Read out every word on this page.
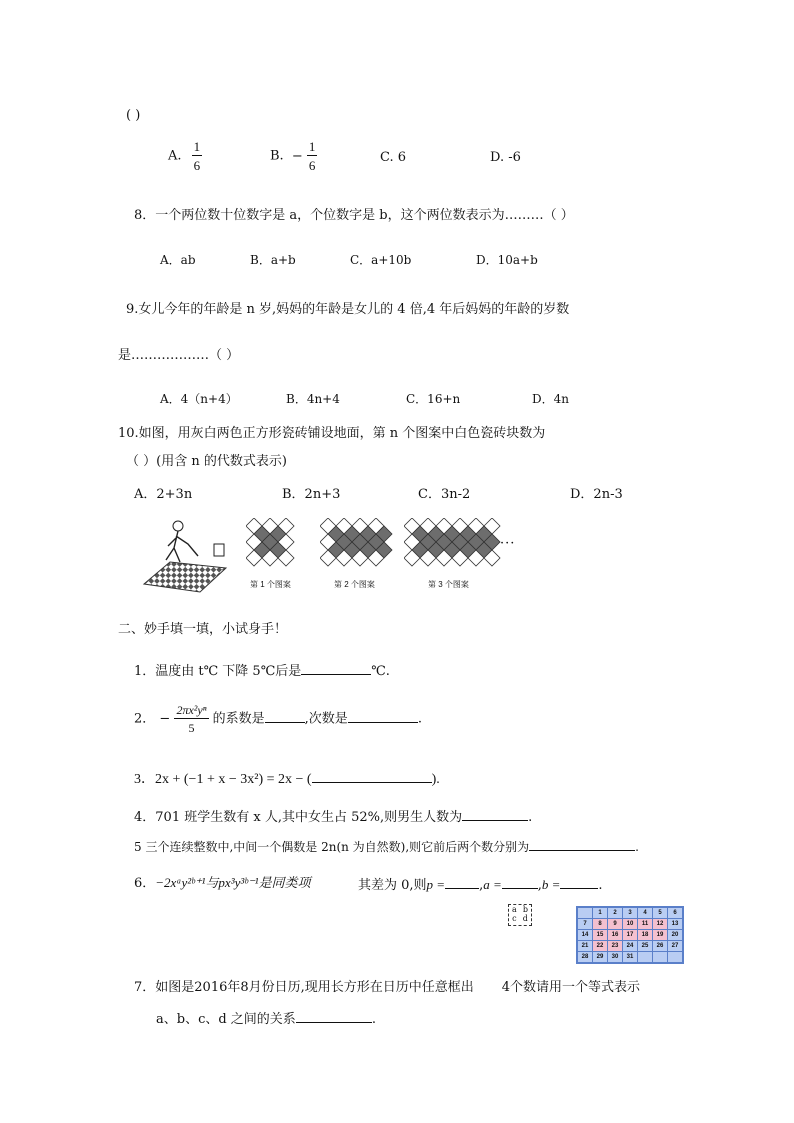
( )
A. $\frac{1}{6}$	B. − $\frac{1}{6}$	C. 6	D. -6
8．一个两位数十位数字是 a，个位数字是 b，这个两位数表示为………（ ）
A．ab	B．a+b	C．a+10b	D．10a+b
9.女儿今年的年龄是 n 岁,妈妈的年龄是女儿的 4 倍,4 年后妈妈的年龄的岁数
是………………（ ）
A．4（n+4）	B．4n+4	C．16+n	D．4n
10.如图，用灰白两色正方形瓷砖铺设地面，第 n 个图案中白色瓷砖块数为
（ ）(用含 n 的代数式表示)
A．2+3n	B．2n+3	C．3n-2	D．2n-3
···
第 1 个图案	第 2 个图案	第 3 个图案
二、妙手填一填，小试身手！
1．温度由 t℃ 下降 5℃后是	℃.
2． − $\frac{\text{2πx²yⁿ}}{5}$ 的系数是	,次数是	.
3．2x + (−1 + x − 3x²) = 2x − (	).
4．701 班学生数有 x 人,其中女生占 52%,则男生人数为	.
5 三个连续整数中,中间一个偶数是 2n(n 为自然数),则它前后两个数分别为	.
6．−2xᵃy²ᵇ⁺¹与px³y³ᵇ⁻¹是同类项	其差为 0,则p =	,a =	,b =	.
a b
c d
	1	2	3	4	5	6
7	8	9	10	11	12	13
14	15	16	17	18	19	20
21	22	23	24	25	26	27
28	29	30	31			
7．如图是2016年8月份日历,现用长方形在日历中任意框出 4个数请用一个等式表示
a、b、c、d 之间的关系	.
